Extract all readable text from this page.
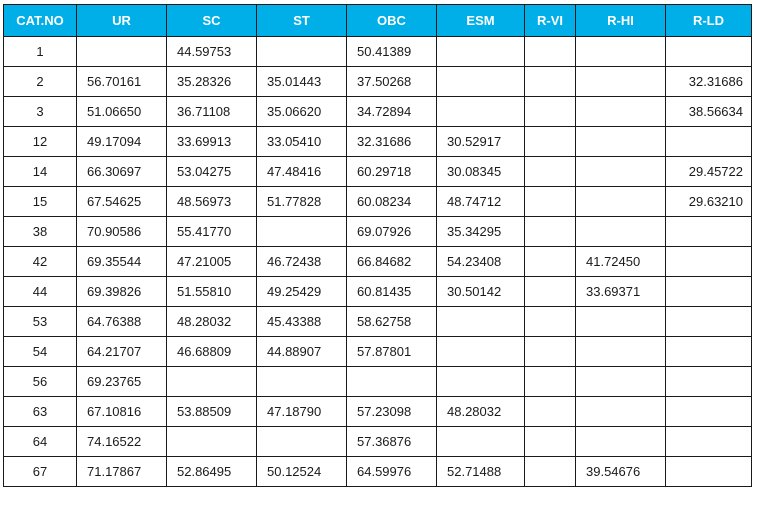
CAT.NO	UR	SC	ST	OBC	ESM	R-VI	R-HI	R-LD
1		44.59753		50.41389				
2	56.70161	35.28326	35.01443	37.50268				32.31686
3	51.06650	36.71108	35.06620	34.72894				38.56634
12	49.17094	33.69913	33.05410	32.31686	30.52917			
14	66.30697	53.04275	47.48416	60.29718	30.08345			29.45722
15	67.54625	48.56973	51.77828	60.08234	48.74712			29.63210
38	70.90586	55.41770		69.07926	35.34295			
42	69.35544	47.21005	46.72438	66.84682	54.23408		41.72450	
44	69.39826	51.55810	49.25429	60.81435	30.50142		33.69371	
53	64.76388	48.28032	45.43388	58.62758				
54	64.21707	46.68809	44.88907	57.87801				
56	69.23765							
63	67.10816	53.88509	47.18790	57.23098	48.28032			
64	74.16522			57.36876				
67	71.17867	52.86495	50.12524	64.59976	52.71488		39.54676	
